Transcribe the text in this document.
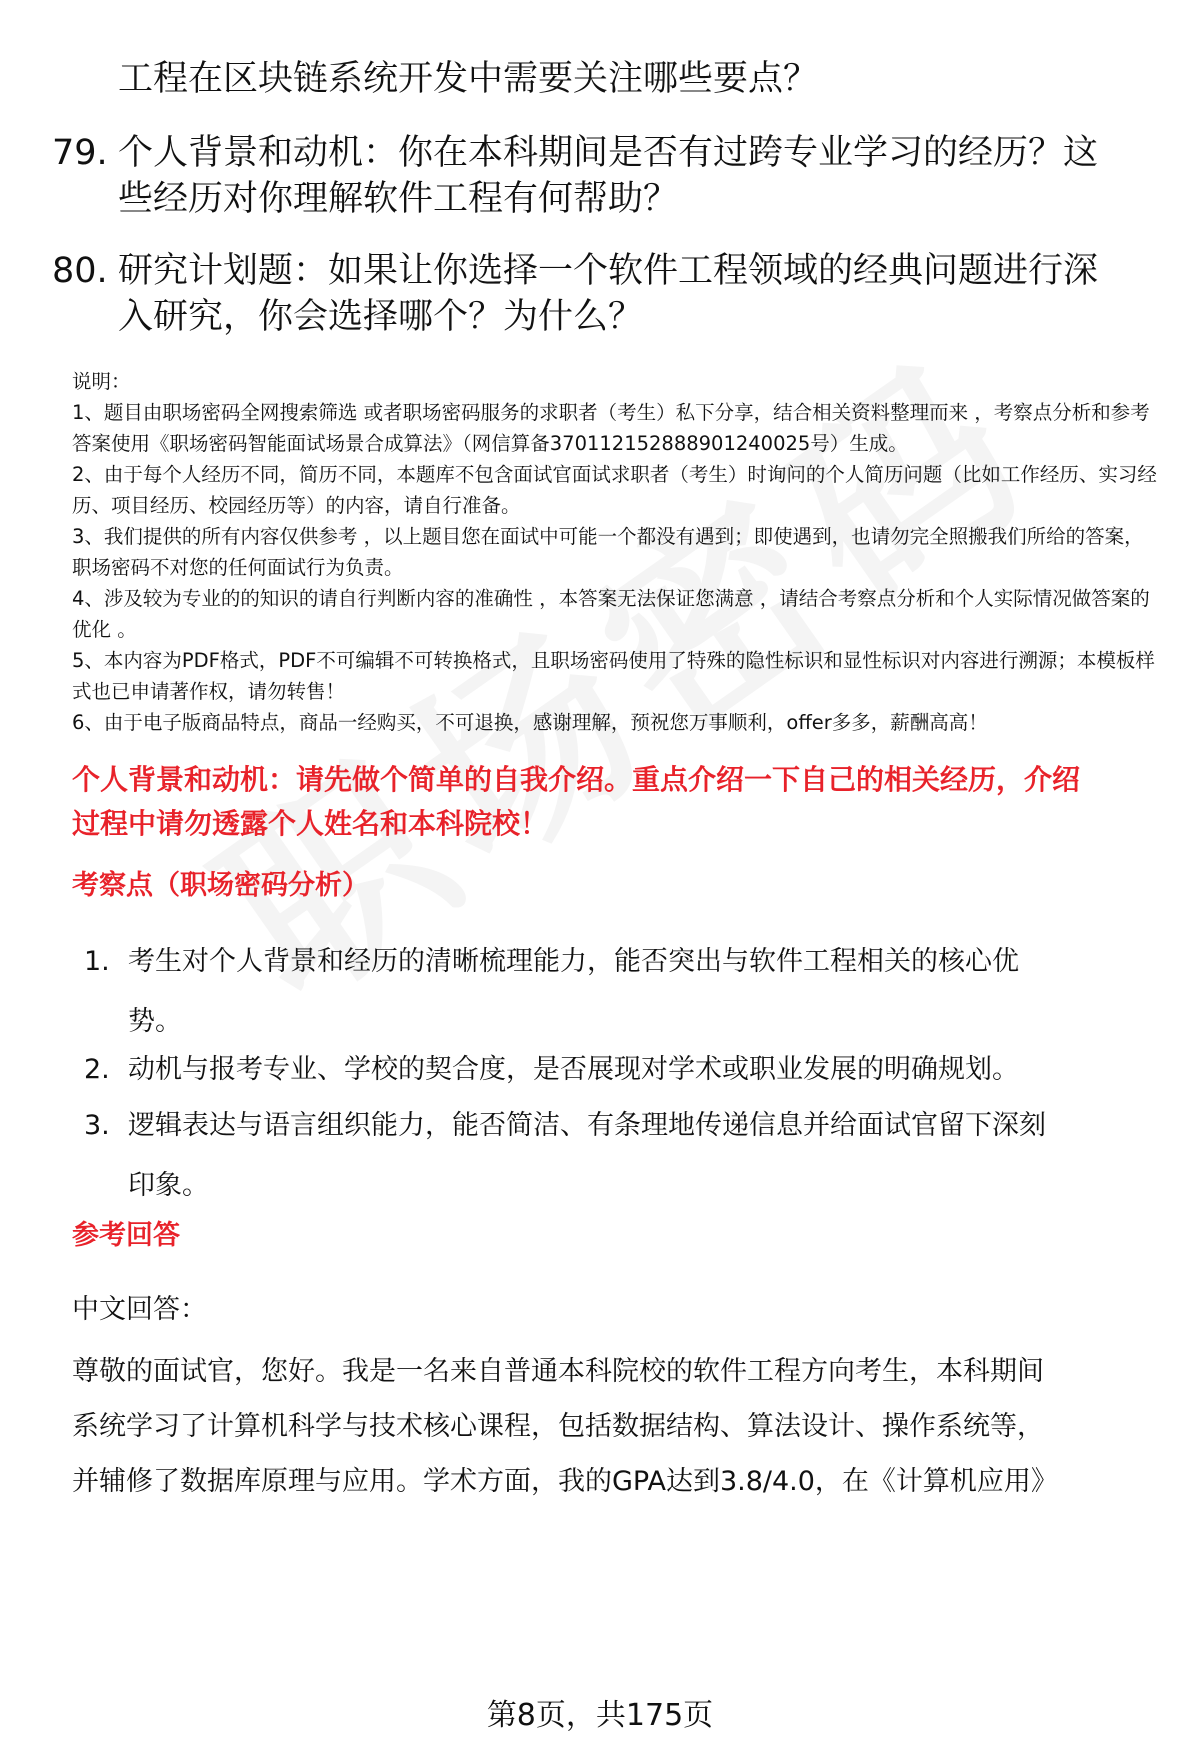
工程在区块链系统开发中需要关注哪些要点？
79. 个人背景和动机：你在本科期间是否有过跨专业学习的经历？这
些经历对你理解软件工程有何帮助？
80. 研究计划题：如果让你选择一个软件工程领域的经典问题进行深
入研究，你会选择哪个？为什么？

说明：

1、题目由职场密码全网搜索筛选 或者职场密码服务的求职者（考生）私下分享，结合相关资料整理而来 ，考察点分析和参考答案使用《职场密码智能面试场景合成算法》（网信算备370112152888901240025号）生成。

2、由于每个人经历不同，简历不同，本题库不包含面试官面试求职者（考生）时询问的个人简历问题（比如工作经历、实习经历、项目经历、校园经历等）的内容，请自行准备。

3、我们提供的所有内容仅供参考 ，以上题目您在面试中可能一个都没有遇到；即使遇到，也请勿完全照搬我们所给的答案，职场密码不对您的任何面试行为负责。

4、涉及较为专业的的知识的请自行判断内容的准确性 ，本答案无法保证您满意 ，请结合考察点分析和个人实际情况做答案的优化 。

5、本内容为PDF格式，PDF不可编辑不可转换格式，且职场密码使用了特殊的隐性标识和显性标识对内容进行溯源；本模板样式也已申请著作权，请勿转售！

6、由于电子版商品特点，商品一经购买，不可退换，感谢理解，预祝您万事顺利，offer多多，薪酬高高！

个人背景和动机：请先做个简单的自我介绍。重点介绍一下自己的相关经历，介绍
过程中请勿透露个人姓名和本科院校！
考察点（职场密码分析）
1. 考生对个人背景和经历的清晰梳理能力，能否突出与软件工程相关的核心优
势。
2. 动机与报考专业、学校的契合度，是否展现对学术或职业发展的明确规划。
3. 逻辑表达与语言组织能力，能否简洁、有条理地传递信息并给面试官留下深刻
印象。
参考回答
中文回答：
尊敬的面试官，您好。我是一名来自普通本科院校的软件工程方向考生，本科期间
系统学习了计算机科学与技术核心课程，包括数据结构、算法设计、操作系统等，
并辅修了数据库原理与应用。学术方面，我的GPA达到3.8/4.0，在《计算机应用》
第8页，共175页
